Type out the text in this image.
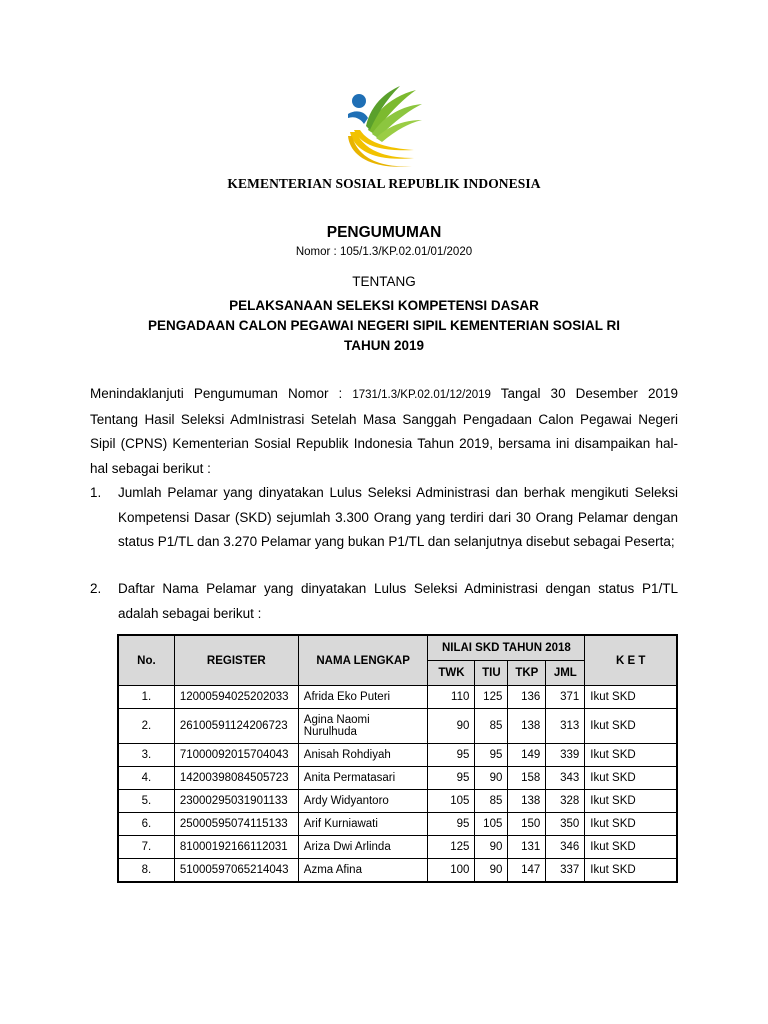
KEMENTERIAN SOSIAL REPUBLIK INDONESIA
PENGUMUMAN
Nomor : 105/1.3/KP.02.01/01/2020
TENTANG
PELAKSANAAN SELEKSI KOMPETENSI DASAR
PENGADAAN CALON PEGAWAI NEGERI SIPIL KEMENTERIAN SOSIAL RI
TAHUN 2019
Menindaklanjuti Pengumuman Nomor : 1731/1.3/KP.02.01/12/2019 Tangal 30 Desember 2019 Tentang Hasil Seleksi AdmInistrasi Setelah Masa Sanggah Pengadaan Calon Pegawai Negeri Sipil (CPNS) Kementerian Sosial Republik Indonesia Tahun 2019, bersama ini disampaikan hal-hal sebagai berikut :
1.	Jumlah Pelamar yang dinyatakan Lulus Seleksi Administrasi dan berhak mengikuti Seleksi Kompetensi Dasar (SKD) sejumlah 3.300 Orang yang terdiri dari 30 Orang Pelamar dengan status P1/TL dan 3.270 Pelamar yang bukan P1/TL dan selanjutnya disebut sebagai Peserta;
2.	Daftar Nama Pelamar yang dinyatakan Lulus Seleksi Administrasi dengan status P1/TL adalah sebagai berikut :
No.	REGISTER	NAMA LENGKAP	NILAI SKD TAHUN 2018				K E T
			TWK	TIU	TKP	JML	
1.	12000594025202033	Afrida Eko Puteri	110	125	136	371	Ikut SKD
2.	26100591124206723	Agina Naomi Nurulhuda	90	85	138	313	Ikut SKD
3.	71000092015704043	Anisah Rohdiyah	95	95	149	339	Ikut SKD
4.	14200398084505723	Anita Permatasari	95	90	158	343	Ikut SKD
5.	23000295031901133	Ardy Widyantoro	105	85	138	328	Ikut SKD
6.	25000595074115133	Arif Kurniawati	95	105	150	350	Ikut SKD
7.	81000192166112031	Ariza Dwi Arlinda	125	90	131	346	Ikut SKD
8.	51000597065214043	Azma Afina	100	90	147	337	Ikut SKD
